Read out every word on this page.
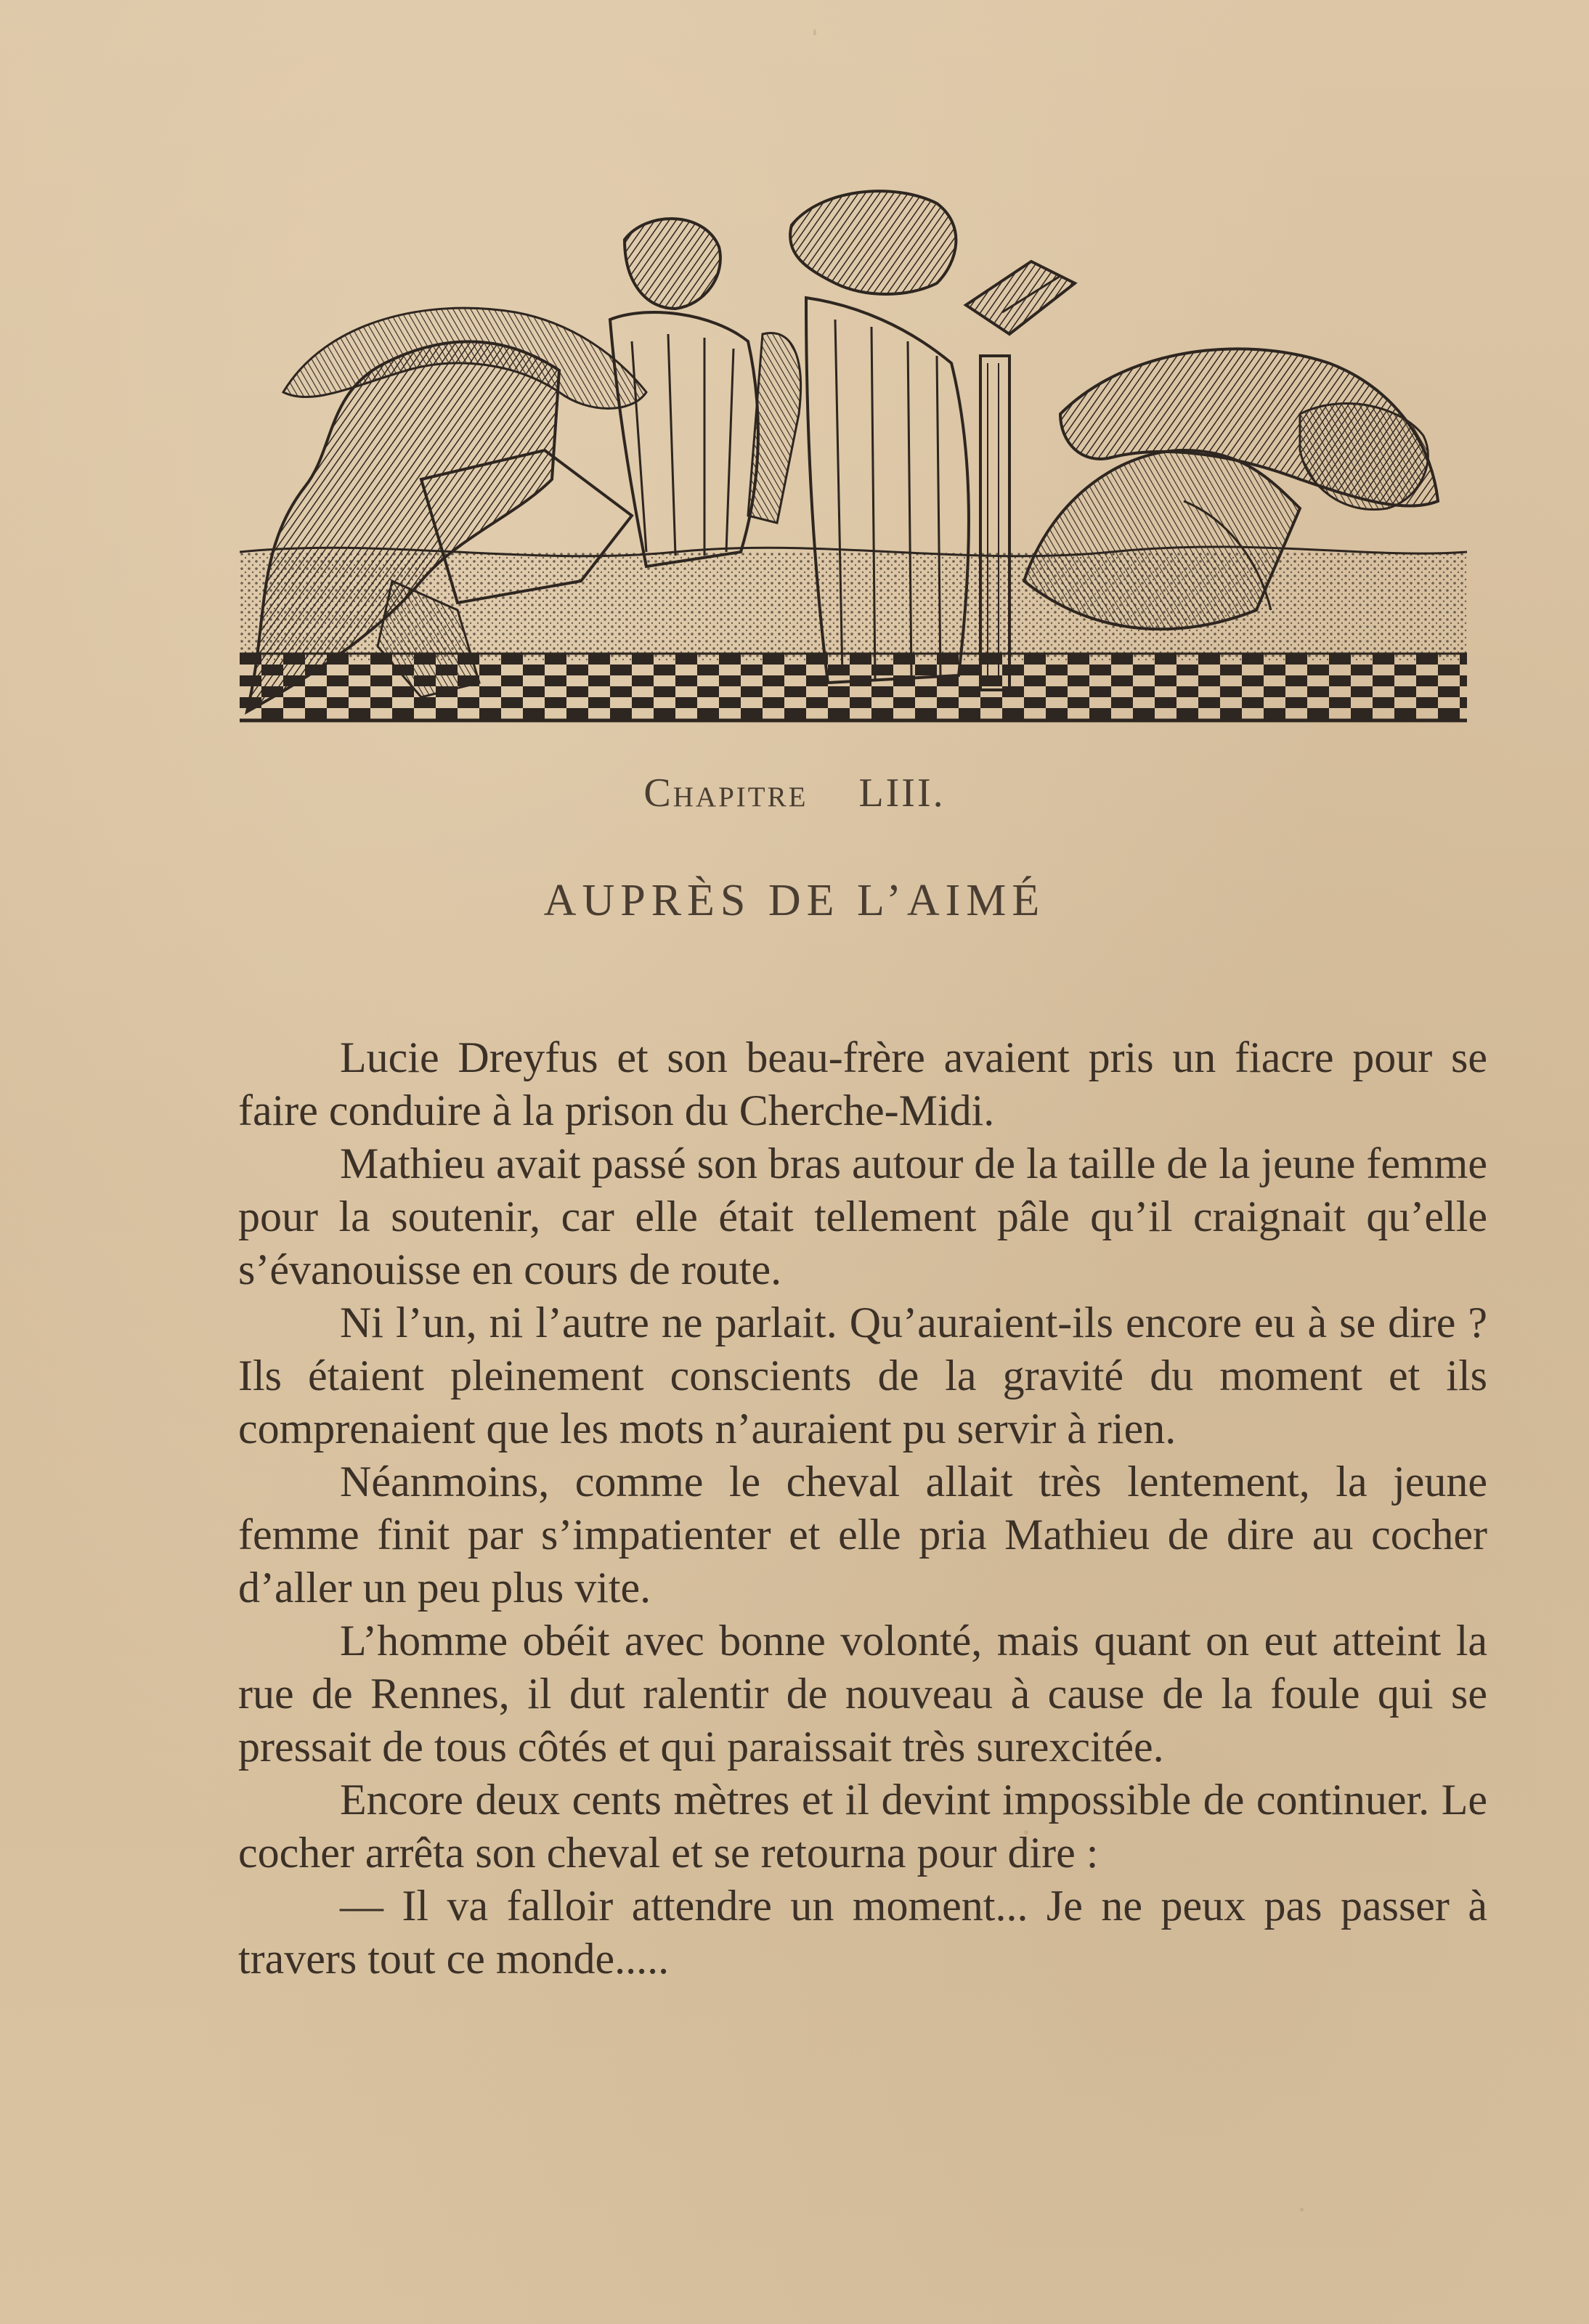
Chapitre LIII.
AUPRÈS DE L’AIMÉ

Lucie Dreyfus et son beau-frère avaient pris un fiacre pour se faire conduire à la prison du Cherche-Midi.

Mathieu avait passé son bras autour de la taille de la jeune femme pour la soutenir, car elle était tellement pâle qu’il craignait qu’elle s’évanouisse en cours de route.

Ni l’un, ni l’autre ne parlait. Qu’auraient-ils encore eu à se dire ? Ils étaient pleinement conscients de la gravité du moment et ils comprenaient que les mots n’auraient pu servir à rien.

Néanmoins, comme le cheval allait très lentement, la jeune femme finit par s’impatienter et elle pria Mathieu de dire au cocher d’aller un peu plus vite.

L’homme obéit avec bonne volonté, mais quant on eut atteint la rue de Rennes, il dut ralentir de nouveau à cause de la foule qui se pressait de tous côtés et qui paraissait très surexcitée.

Encore deux cents mètres et il devint impossible de continuer. Le cocher arrêta son cheval et se retourna pour dire :

— Il va falloir attendre un moment... Je ne peux pas passer à travers tout ce monde.....
